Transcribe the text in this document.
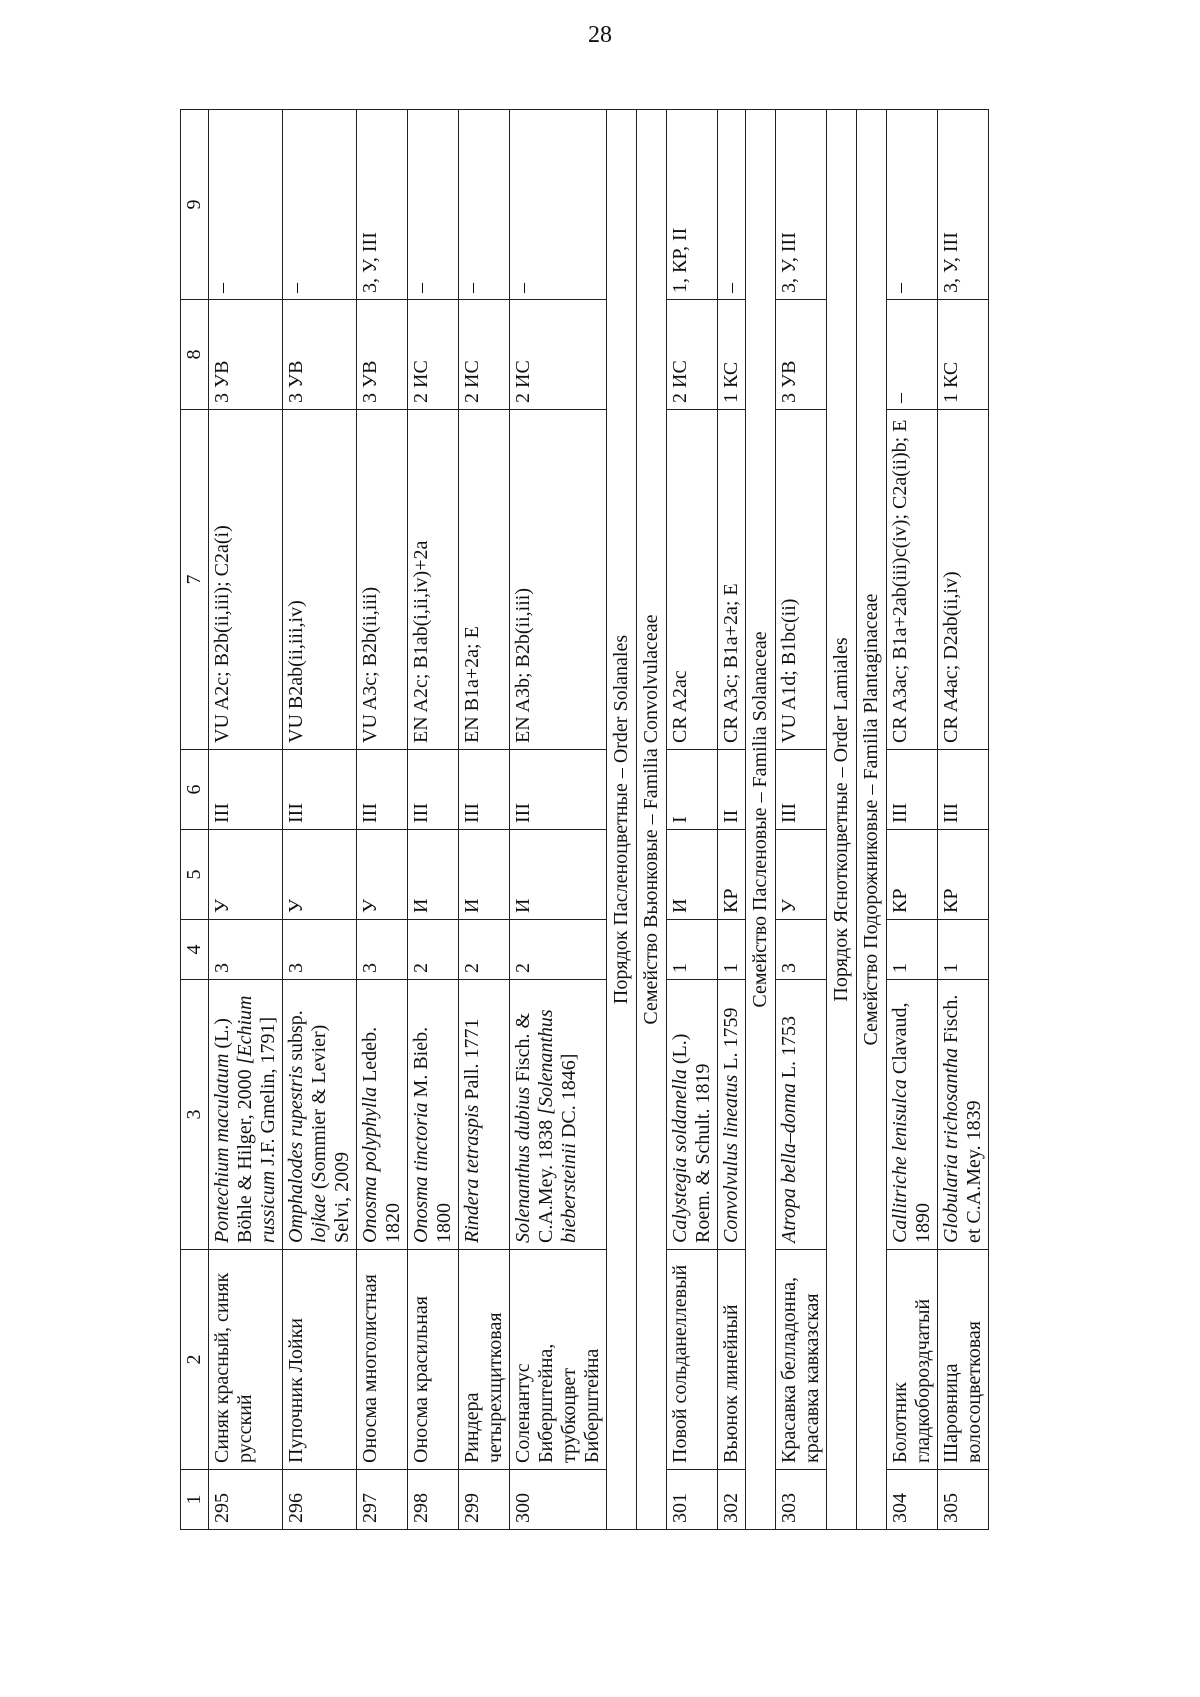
28
1	2	3	4	5	6	7	8	9
295	Синяк красный, синяк русский	Pontechium maculatum (L.) Böhle & Hilger, 2000 [Echium russicum J.F. Gmelin, 1791]	3	У	III	VU A2c; B2b(ii,iii); C2a(i)	3 УВ	–
296	Пупочник Лойки	Omphalodes rupestris subsp. lojkae (Sommier & Levier) Selvi, 2009	3	У	III	VU B2ab(ii,iii,iv)	3 УВ	–
297	Оносма многолистная	Onosma polyphylla Ledeb. 1820	3	У	III	VU A3c; B2b(ii,iii)	3 УВ	3, У, III
298	Оносма красильная	Onosma tinctoria M. Bieb. 1800	2	И	III	EN A2c; B1ab(i,ii,iv)+2a	2 ИС	–
299	Риндера четырехщитковая	Rindera tetraspis Pall. 1771	2	И	III	EN B1a+2a; E	2 ИС	–
300	Соленантус Биберштейна, трубкоцвет Биберштейна	Solenanthus dubius Fisch. & C.A.Mey. 1838 [Solenanthus biebersteinii DC. 1846]	2	И	III	EN A3b; B2b(ii,iii)	2 ИС	–
Порядок Пасленоцветные – Order Solanales								
Семейство Вьюнковые – Familia Convolvulaceae								
301	Повой сольданеллевый	Calystegia soldanella (L.) Roem. & Schult. 1819	1	И	I	CR A2ac	2 ИС	1, КР, II
302	Вьюнок линейный	Convolvulus lineatus L. 1759	1	КР	II	CR A3c; B1a+2a; E	1 КС	–
Семейство Пасленовые – Familia Solanaceae								
303	Красавка белладонна, красавка кавказская	Atropa bella–donna L. 1753	3	У	III	VU A1d; B1bc(ii)	3 УВ	3, У, III
Порядок Ясноткоцветные – Order Lamiales								
Семейство Подорожниковые – Familia Plantaginaceae								
304	Болотник гладкобороздчатый	Callitriche lenisulca Clavaud, 1890	1	КР	III	CR A3ac; B1a+2ab(iii)c(iv); C2a(ii)b; E	–	–
305	Шаровница волосоцветковая	Globularia trichosantha Fisch. et C.A.Mey. 1839	1	КР	III	CR A4ac; D2ab(ii,iv)	1 КС	3, У, III
